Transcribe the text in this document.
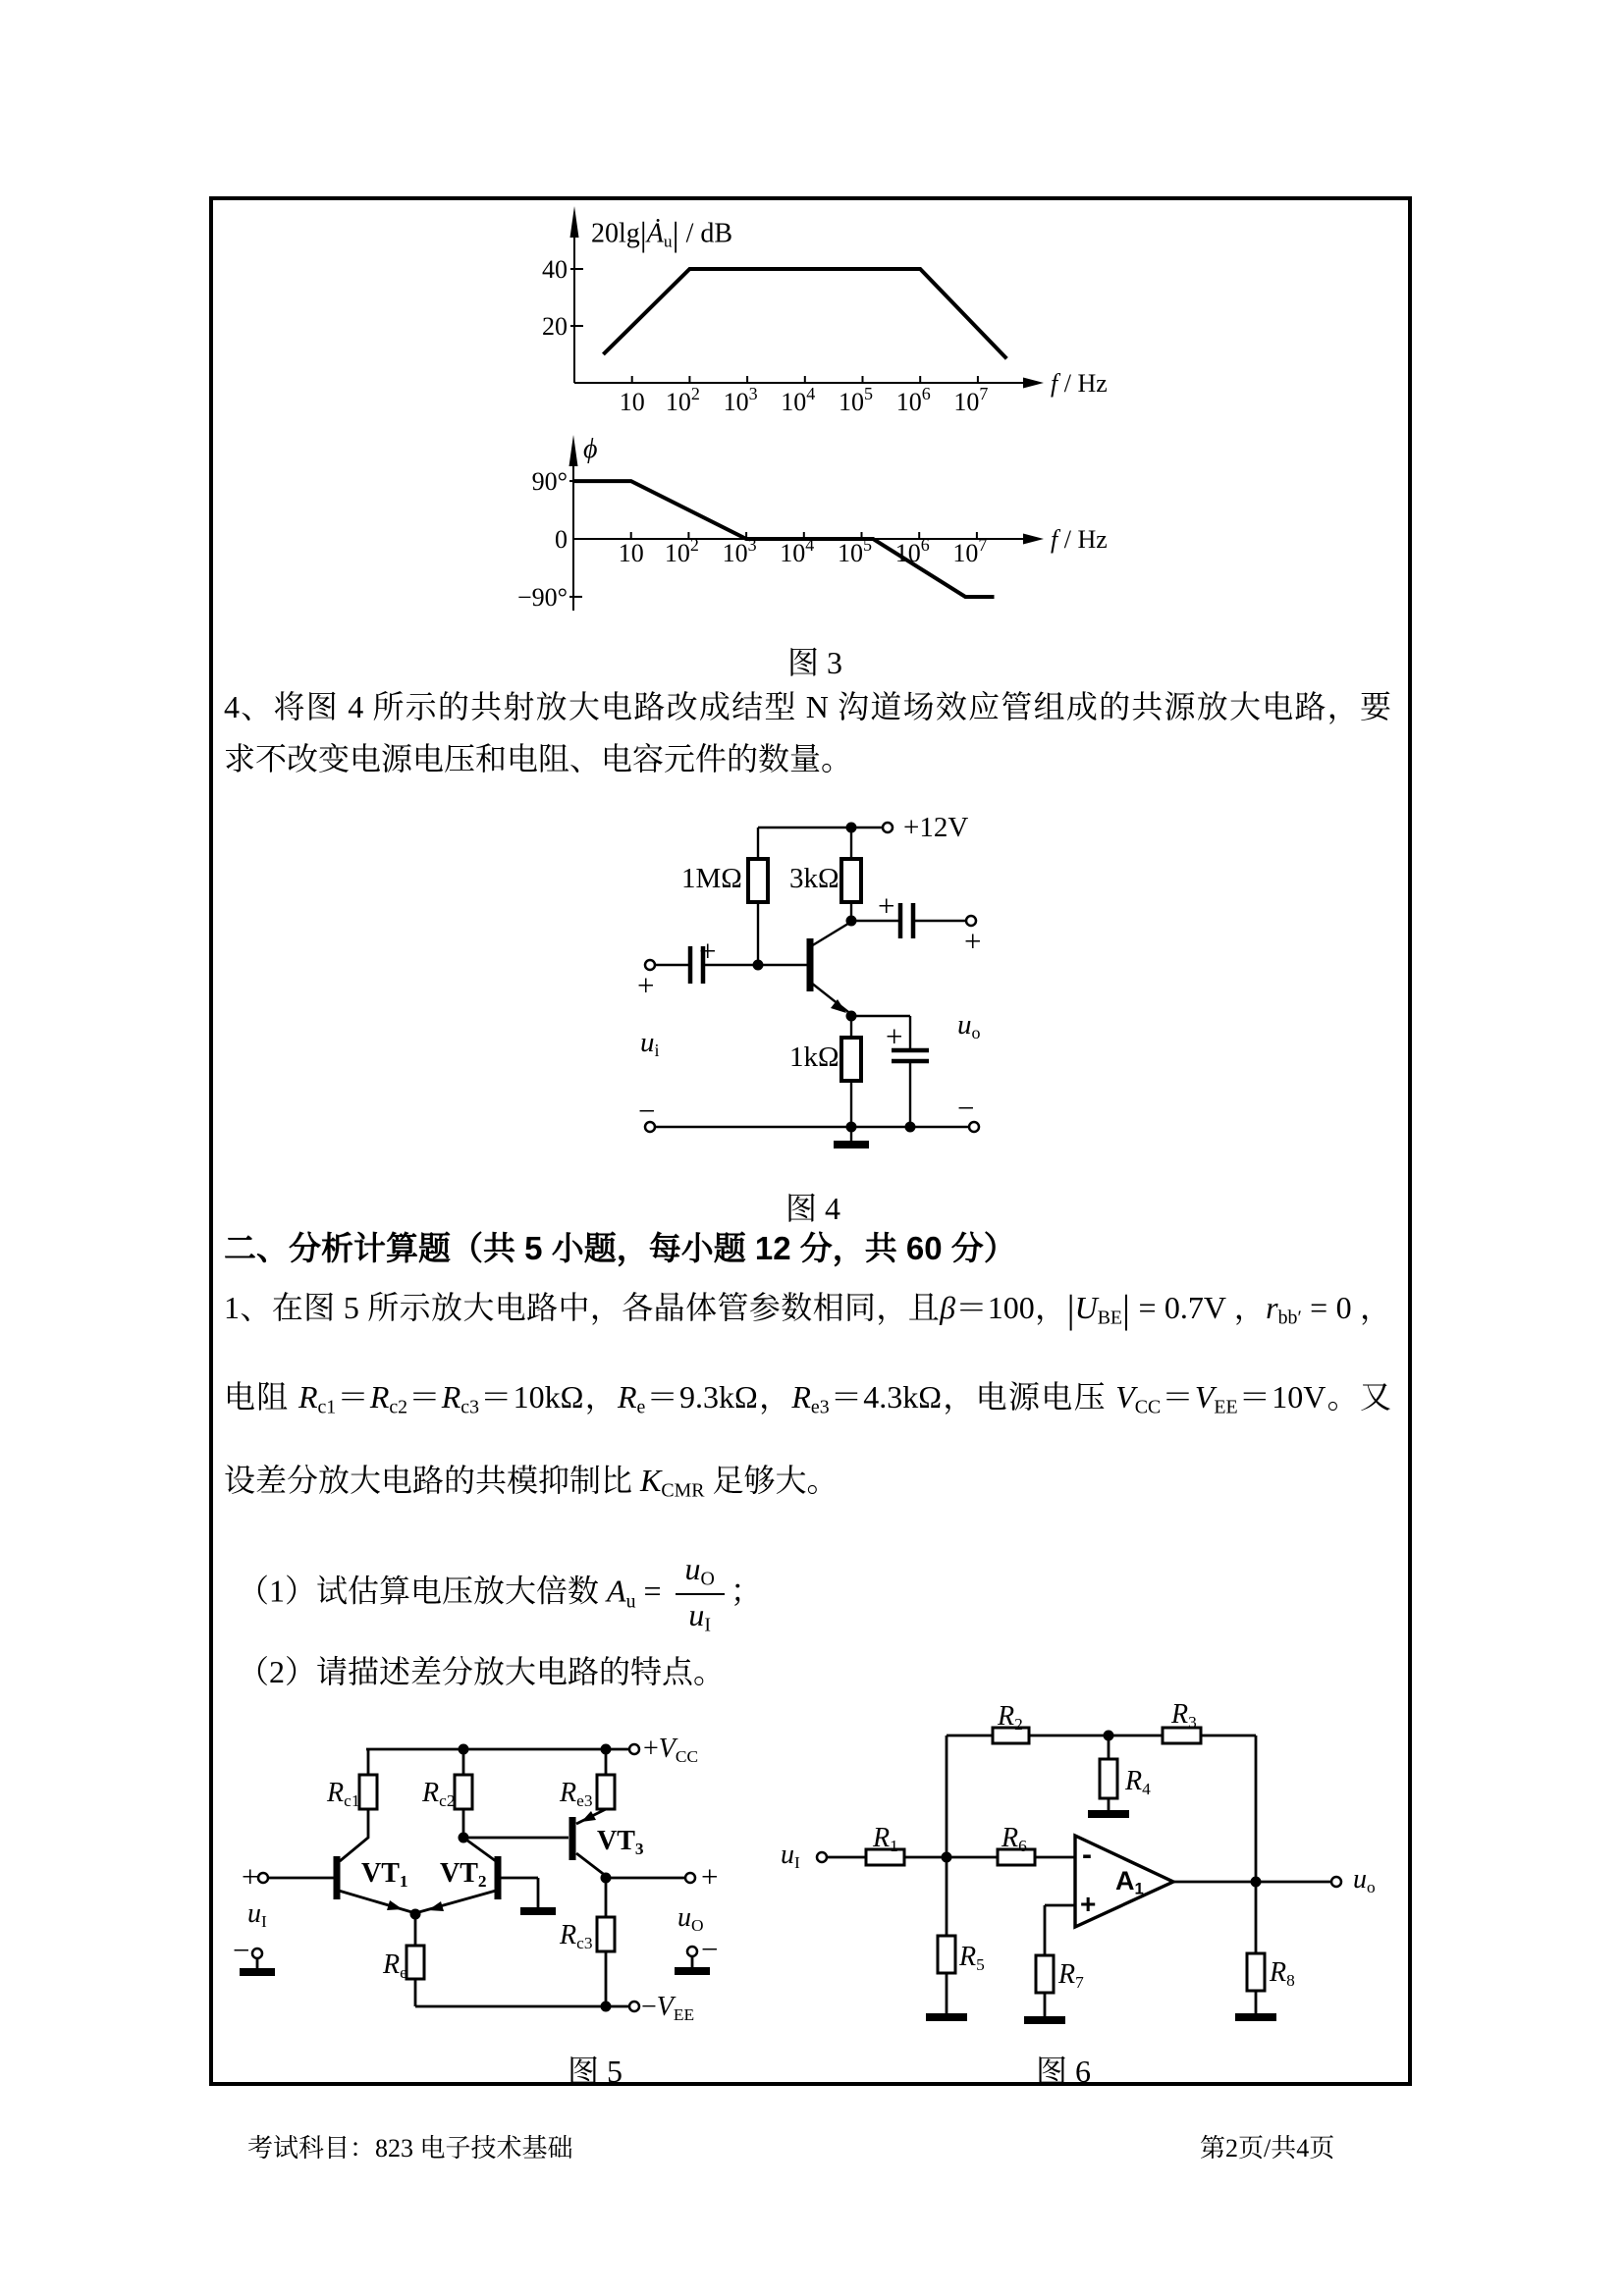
f / Hz
10 $10^2$ $10^3$ $10^4$ $10^5$ $10^6$ $10^7$
40
20
f / Hz
10 $10^2$ $10^3$ $10^4$ $10^5$ $10^6$ $10^7$
90°
0
−90°
$20\lg|Ȧ_u|$ / dB
ϕ
图 3
4、将图 4 所示的共射放大电路改成结型 N 沟道场效应管组成的共源放大电路，要
求不改变电源电压和电阻、电容元件的数量。
+12V
1MΩ 3kΩ
1kΩ
+
+
+
+
+
$u_i$
$u_o$
−	−
图 4
二、分析计算题（共 5 小题，每小题 12 分，共 60 分）
1、在图 5 所示放大电路中，各晶体管参数相同，且β＝100，$|U_{BE}| = 0.7V$ ，$r_{bb'} = 0$ ，
电阻 $R_{c1}=R_{c2}=R_{c3}=10k\Omega$，$R_e=9.3k\Omega$，$R_{e3}=4.3k\Omega$，电源电压 $V_{CC}=V_{EE}=10V$。又
设差分放大电路的共模抑制比 $K_{CMR}$ 足够大。
（1）试估算电压放大倍数 $A_u = \frac{u_O}{u_I}$ ；
（2）请描述差分放大电路的特点。
$R_{c1}$ $R_{c2}$	$R_{e3}$
$R_e$
$R_{c3}$
$VT_1$ $VT_2$
$VT_3$
$+V_{CC}$
$-V_{EE}$
+
$u_I$
−
+
$u_O$
−
图 5
$R_2$	$R_3$
$R_4$
$R_1$	$R_6$
$R_5$	$R_7$	$R_8$
$A_1$
-
+
$u_I$
$u_o$
图 6
考试科目：823 电子技术基础	第2页/共4页
